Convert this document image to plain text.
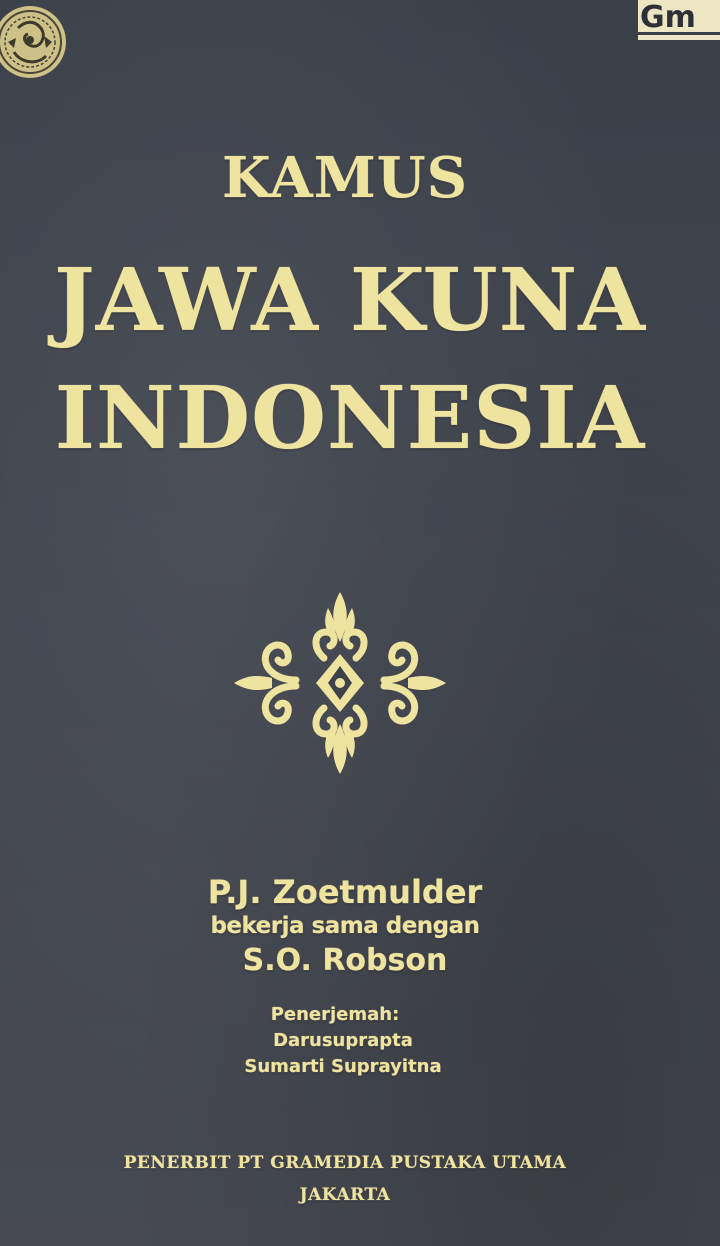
Gm
KAMUS
JAWA KUNA
INDONESIA
P.J. Zoetmulder
bekerja sama dengan
S.O. Robson
Penerjemah:
Darusuprapta
Sumarti Suprayitna
PENERBIT PT GRAMEDIA PUSTAKA UTAMA
JAKARTA
